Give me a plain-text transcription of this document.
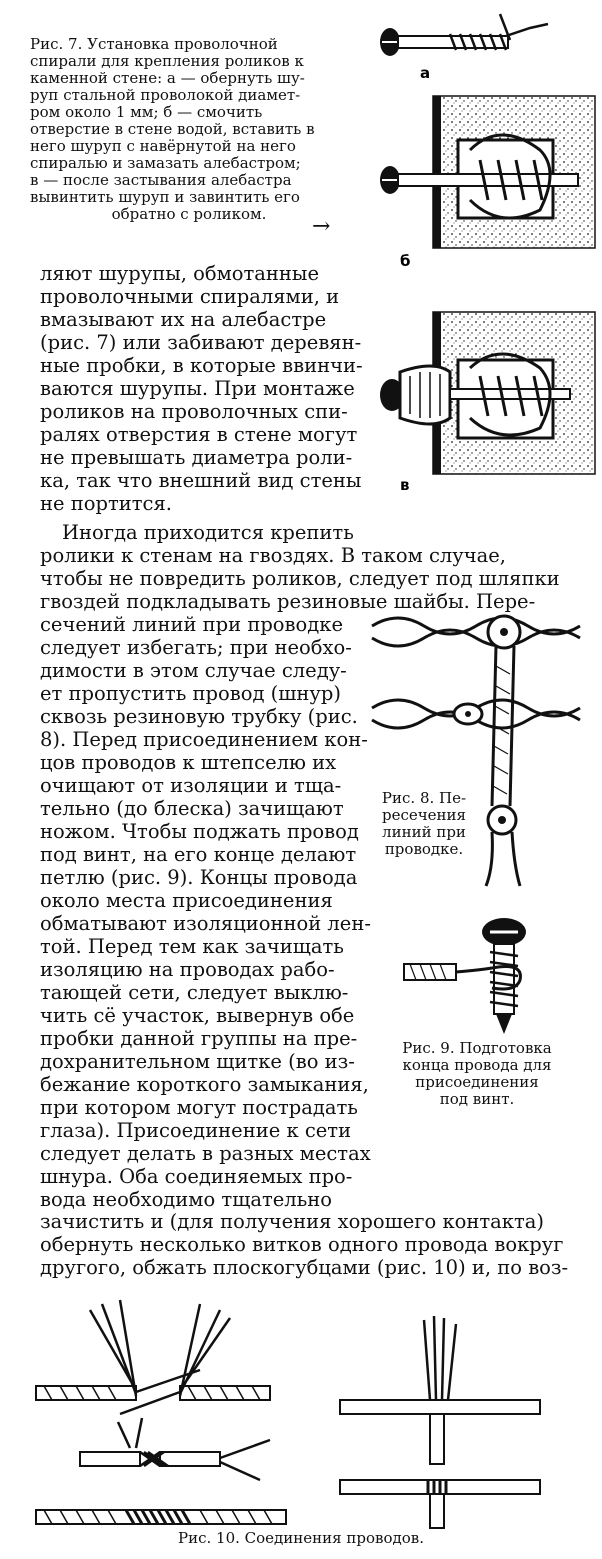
Рис. 7. Установка проволочной
спирали для крепления роликов к
каменной стене: а — обернуть шу-
руп стальной проволокой диамет-
ром около 1 мм; б — смочить
отверстие в стене водой, вставить в
него шуруп с навёрнутой на него
спиралью и замазать алебастром;
в — после застывания алебастра
вывинтить шуруп и завинтить его
обратно с роликом.	→
а
б
в
ляют шурупы, обмотанные
проволочными спиралями, и
вмазывают их на алебастре
(рис. 7) или забивают деревян-
ные пробки, в которые ввинчи-
ваются шурупы. При монтаже
роликов на проволочных спи-
ралях отверстия в стене могут
не превышать диаметра роли-
ка, так что внешний вид стены
не портится.
Иногда приходится крепить
ролики к стенам на гвоздях. В таком случае,
чтобы не повредить роликов, следует под шляпки
гвоздей подкладывать резиновые шайбы. Пере-
сечений линий при проводке
следует избегать; при необхо-
димости в этом случае следу-
ет пропустить провод (шнур)
сквозь резиновую трубку (рис.
8). Перед присоединением кон-
цов проводов к штепселю их
очищают от изоляции и тща-
тельно (до блеска) зачищают
ножом. Чтобы поджать провод
под винт, на его конце делают
петлю (рис. 9). Концы провода
около места присоединения
обматывают изоляционной лен-
той. Перед тем как зачищать
изоляцию на проводах рабо-
тающей сети, следует выклю-
чить сё участок, вывернув обе
пробки данной группы на пре-
дохранительном щитке (во из-
бежание короткого замыкания,
при котором могут пострадать
глаза). Присоединение к сети
следует делать в разных местах
шнура. Оба соединяемых про-
вода необходимо тщательно
зачистить и (для получения хорошего контакта)
обернуть несколько витков одного провода вокруг
другого, обжать плоскогубцами (рис. 10) и, по воз-
Рис. 8. Пе-
ресечения
линий при
проводке.
Рис. 9. Подготовка
конца провода для
присоединения
под винт.
Рис. 10. Соединения проводов.
